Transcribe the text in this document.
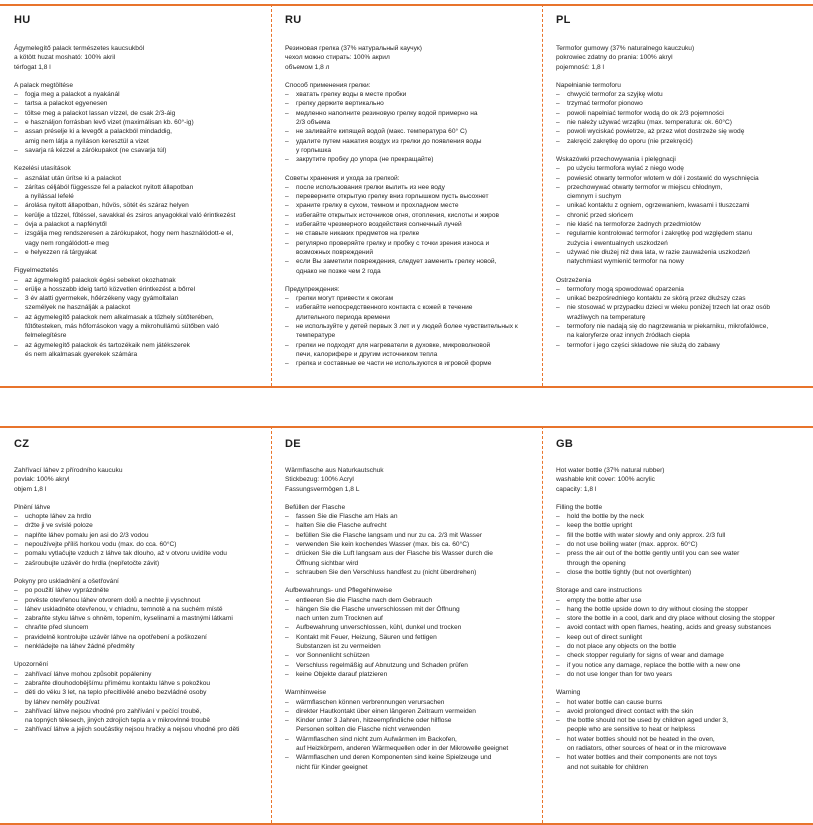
HU

Ágymelegítő palack természetes kaucsukból

a kötött huzat mosható: 100% akril

térfogat 1,8 l

A palack megtöltése

– fogja meg a palackot a nyakánál
– tartsa a palackot egyenesen
– töltse meg a palackot lassan vízzel, de csak 2/3-áig
– e használjon forrásban levő vizet (maximálisan kb. 60°-ig)
– assan préselje ki a levegőt a palackból mindaddig,
amig nem látja a nyíláson keresztül a vizet
– savarja rá kézzel a zárókupakot (ne csavarja túl)

Kezelési utasítások

– asználat után ürítse ki a palackot
– zárítas céljából függessze fel a palackot nyitott állapotban
a nyílással lefelé
– árolása nyitott állapotban, hűvös, sötét és száraz helyen
– kerülje a tűzzel, fűtéssel, savakkal és zsiros anyagokkal való érintkezést
– óvja a palackot a napfénytől
– izsgálja meg rendszeresen a zárókupakot, hogy nem használódott-e el,
vagy nem rongálódott-e meg
– e helyezzen rá tárgyakat

Figyelmeztetés

– az ágymelegítő palackok égési sebeket okozhatnak
– erülje a hosszabb ideig tartó közvetlen érintkezést a bőrrel
– 3 év alatti gyermekek, hőérzékeny vagy gyámoltalan
személyek ne használják a palackot
– az ágymelegítő palackok nem alkalmasak a tűzhely sütőterében,
fűtőtesteken, más hőforrásokon vagy a mikrohullámú sütőben való
felmelegítésre
– az ágymelegítő palackok és tartozékaik nem játékszerek
és nem alkalmasak gyerekek számára
RU

Резиновая грелка (37% натуральный каучук)

чехол можно стирать: 100% акрил

объемом 1,8 л

Способ применения грелки:

– хватать грелку воды в месте пробки
– грелку держите вертикально
– медленно наполните резиновую грелку водой примерно на
2/3 объема
– не заливайте кипящей водой (макс. температура 60° C)
– удалите путем нажатия воздух из грелки до появления воды
у горлышка
– закрутите пробку до упора (не прекращайте)

Советы хранения и ухода за грелкой:

– после использования грелки вылить из нее воду
– переверните открытую грелку вниз горлышком пусть высохнет
– храните грелку в сухом, темном и прохладном месте
– избегайте открытых источников огня, отопления, кислоты и жиров
– избегайте чрезмерного воздействия солнечный лучей
– не ставьте никаких предметов на грелке
– регулярно проверяйте грелку и пробку с точки зрения износа и
возможных повреждений
– если Вы заметили повреждения, следует заменить грелку новой,
однако не позже чем 2 года

Предупреждения:

– грелки могут привести к ожогам
– избегайте непосредственного контакта с кожей в течение
длительного периода времени
– не используйте у детей первых 3 лет и у людей более чувствительных к
температуре
– грелки не подходят для нагреватели в духовке, микроволновой
печи, калорифере и другим источником тепла
– грелка и составные ее части не используются в игровой форме
PL

Termofor gumowy (37% naturalnego kauczuku)

pokrowiec zdatny do prania: 100% akryl

pojemność: 1,8 l

Napełnianie termoforu

– chwycić termofor za szyjkę wlotu
– trzymać termofor pionowo
– powoli napełniać termofor wodą do ok 2/3 pojemności
– nie należy używać wrzątku (max. temperatura: ok. 60°C)
– powoli wyciskać powietrze, aż przez wlot dostrzeże się wodę
– zakręcić zakrętkę do oporu (nie przekręcić)

Wskazówki przechowywania i pielęgnacji

– po użyciu termofora wylać z niego wodę
– powiesić otwarty termofor wlotem w dół i zostawić do wyschnięcia
– przechowywać otwarty termofor w miejscu chłodnym,
ciemnym i suchym
– unikać kontaktu z ogniem, ogrzewaniem, kwasami i tłuszczami
– chronić przed słońcem
– nie kłaść na termoforze żadnych przedmiotów
– regularnie kontrolować termofor i zakrętkę pod względem stanu
zużycia i ewentualnych uszkodzeń
– używać nie dłużej niż dwa lata, w razie zauważenia uszkodzeń
natychmiast wymienić termofor na nowy

Ostrzeżenia

– termofory mogą spowodować oparzenia
– unikać bezpośredniego kontaktu ze skórą przez dłuższy czas
– nie stosować w przypadku dzieci w wieku poniżej trzech lat oraz osób
wrażliwych na temperaturę
– termofory nie nadają się do nagrzewania w piekarniku, mikrofalówce,
na kaloryferze oraz innych źródłach ciepła
– termofor i jego części składowe nie służą do zabawy
CZ

Zahřívací láhev z přírodního kaucuku

povlak: 100% akryl

objem 1,8 l

Plnění láhve

– uchopte láhev za hrdlo
– držte ji ve svislé poloze
– naplňte láhev pomalu jen asi do 2/3 vodou
– nepoužívejte příliš horkou vodu (max. do cca. 60°C)
– pomalu vytlačujte vzduch z láhve tak dlouho, až v otvoru uvidíte vodu
– zašroubujte uzávěr do hrdla (nepřetočte závit)

Pokyny pro uskladnění a ošetřování

– po použití láhev vyprázdněte
– pověste otevřenou láhev otvorem dolů a nechte ji vyschnout
– láhev uskladněte otevřenou, v chladnu, temnotě a na suchém místě
– zabraňte styku láhve s ohněm, topením, kyselinami a mastnými látkami
– chraňte před sluncem
– pravidelně kontrolujte uzávěr láhve na opotřebení a poškození
– nenkládejte na láhev žádné předměty

Upozornění

– zahřívací láhve mohou způsobit popáleniny
– zabraňte dlouhodobějšímu přímému kontaktu láhve s pokožkou
– děti do věku 3 let, na teplo přecitlivělé anebo bezvládné osoby
by láhev neměly používat
– zahřívací láhve nejsou vhodné pro zahřívání v pečící troubě,
na topných tělesech, jiných zdrojích tepla a v mikrovlnné troubě
– zahřívací láhve a jejich součástky nejsou hračky a nejsou vhodné pro děti
DE

Wärmflasche aus Naturkautschuk

Stickbezug: 100% Acryl

Fassungsvermögen 1,8 L

Befüllen der Flasche

– fassen Sie die Flasche am Hals an
– halten Sie die Flasche aufrecht
– befüllen Sie die Flasche langsam und nur zu ca. 2/3 mit Wasser
– verwenden Sie kein kochendes Wasser (max. bis ca. 60°C)
– drücken Sie die Luft langsam aus der Flasche bis Wasser durch die
Öffnung sichtbar wird
– schrauben Sie den Verschluss handfest zu (nicht überdrehen)

Aufbewahrungs- und Pflegehinweise

– entleeren Sie die Flasche nach dem Gebrauch
– hängen Sie die Flasche unverschlossen mit der Öffnung
nach unten zum Trocknen auf
– Aufbewahrung unverschlossen, kühl, dunkel und trocken
– Kontakt mit Feuer, Heizung, Säuren und fettigen
Substanzen ist zu vermeiden
– vor Sonnenlicht schützen
– Verschluss regelmäßig auf Abnutzung und Schaden prüfen
– keine Objekte darauf platzieren

Warnhinweise

– wärmflaschen können verbrennungen verursachen
– direkter Hautkontakt über einen längeren Zeitraum vermeiden
– Kinder unter 3 Jahren, hitzeempfindliche oder hilflose
Personen sollten die Flasche nicht verwenden
– Wärmflaschen sind nicht zum Aufwärmen im Backofen,
auf Heizkörpern, anderen Wärmequellen oder in der Mikrowelle geeignet
– Wärmflaschen und deren Komponenten sind keine Spielzeuge und
nicht für Kinder geeignet
GB

Hot water bottle (37% natural rubber)

washable knit cover: 100% acrylic

capacity: 1,8 l

Filling the bottle

– hold the bottle by the neck
– keep the bottle upright
– fill the bottle with water slowly and only approx. 2/3 full
– do not use boiling water (max. approx. 60°C)
– press the air out of the bottle gently until you can see water
through the opening
– close the bottle tightly (but not overtighten)

Storage and care instructions

– empty the bottle after use
– hang the bottle upside down to dry without closing the stopper
– store the bottle in a cool, dark and dry place without closing the stopper
– avoid contact with open flames, heating, acids and greasy substances
– keep out of direct sunlight
– do not place any objects on the bottle
– check stopper regularly for signs of wear and damage
– if you notice any damage, replace the bottle with a new one
– do not use longer than for two years

Warning

– hot water bottle can cause burns
– avoid prolonged direct contact with the skin
– the bottle should not be used by children aged under 3,
people who are sensitive to heat or helpless
– hot water bottles should not be heated in the oven,
on radiators, other sources of heat or in the microwave
– hot water bottles and their components are not toys
and not suitable for children
